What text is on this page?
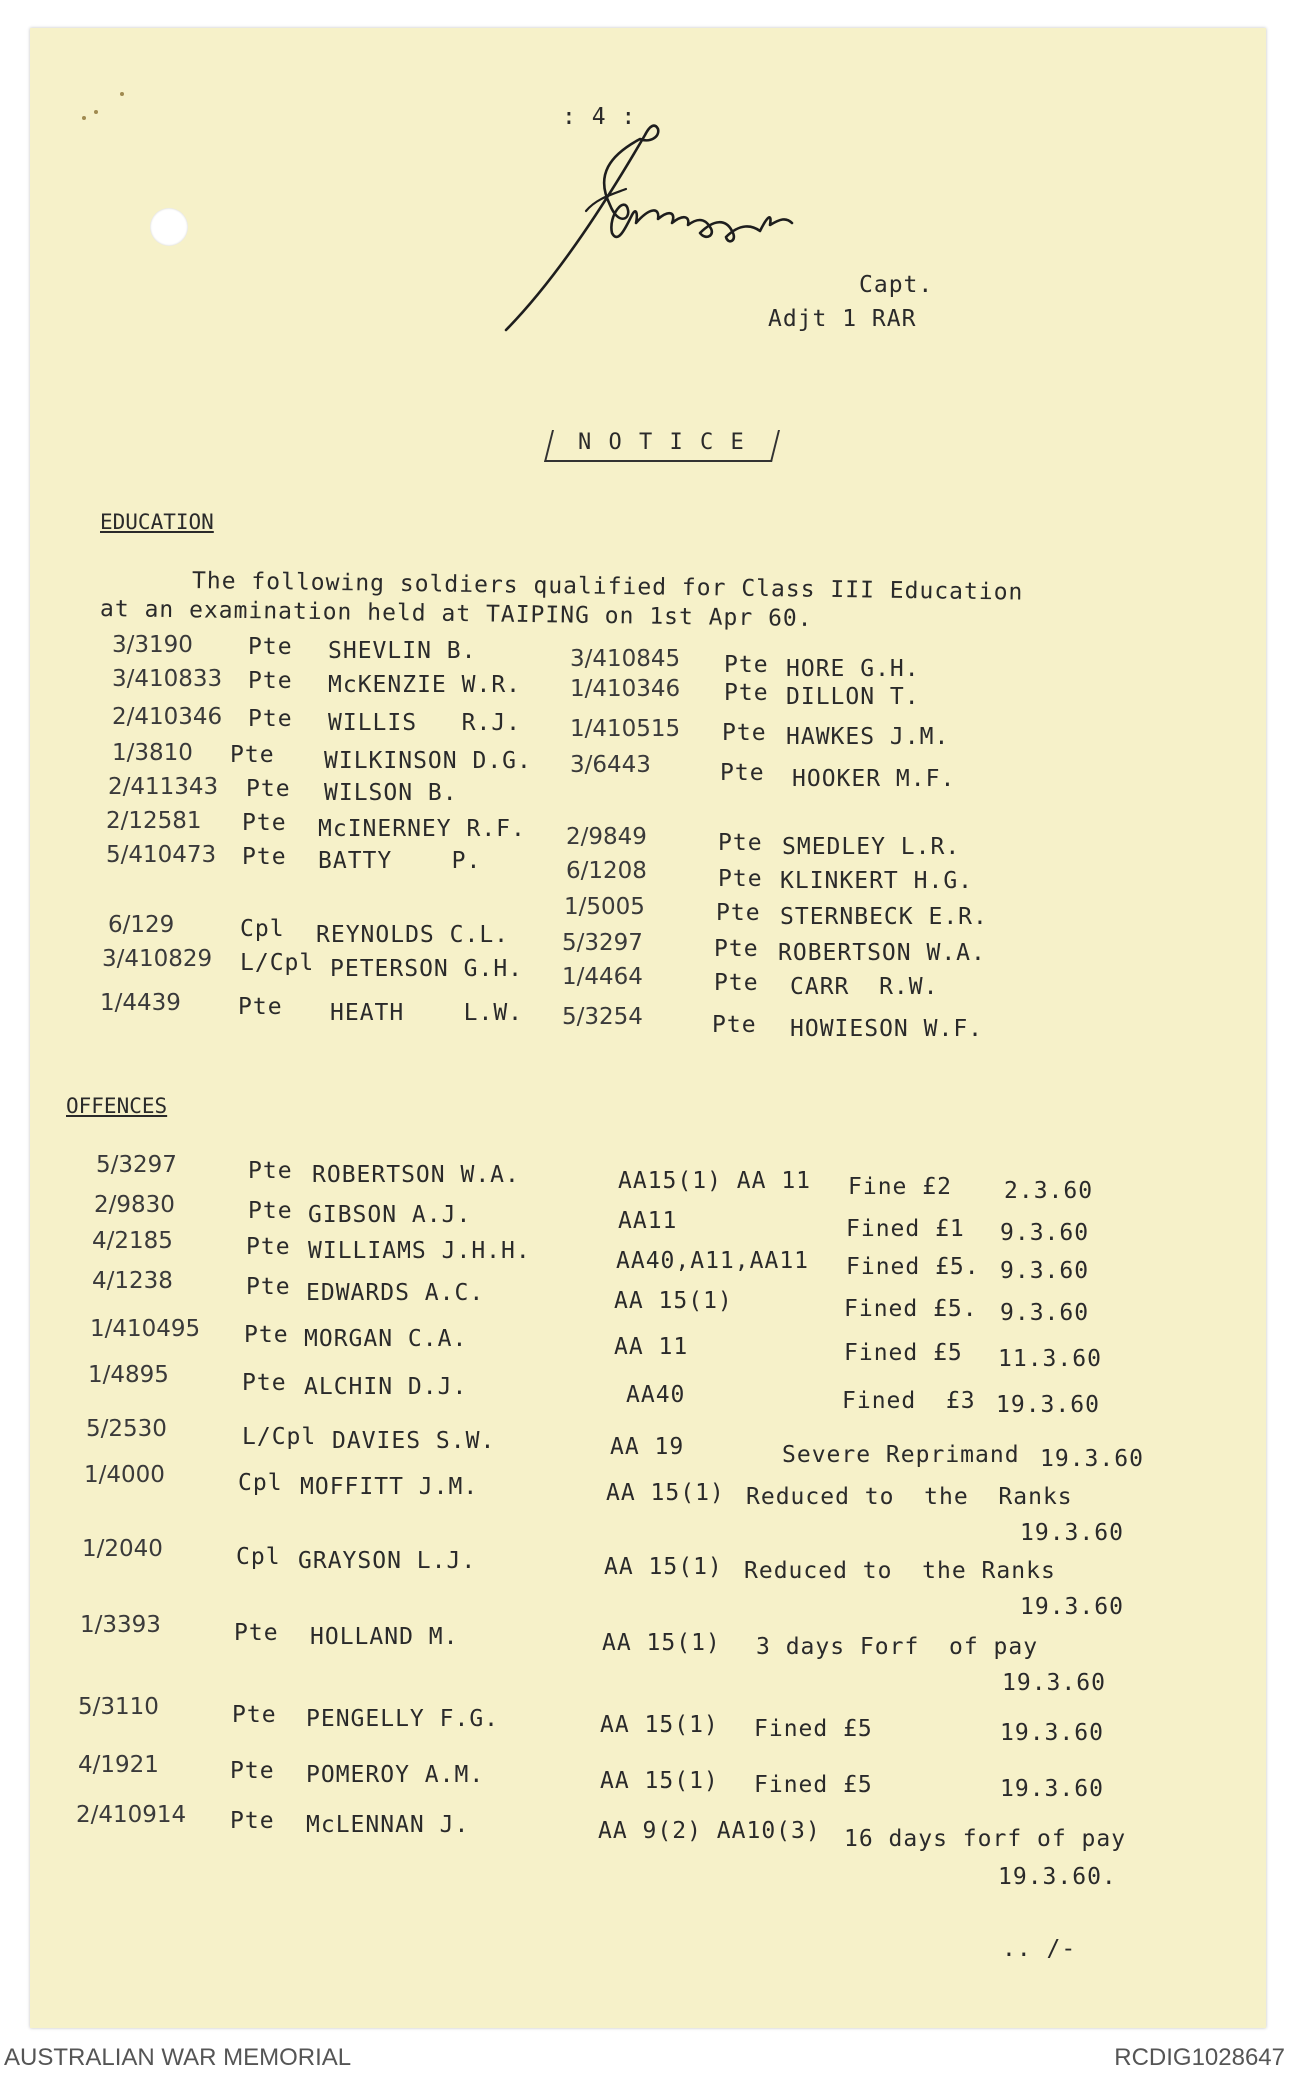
: 4 :
Capt.
Adjt 1 RAR
N O T I C E
EDUCATION
The following soldiers qualified for Class III Education
at an examination held at TAIPING on 1st Apr 60.
3/3190 Pte SHEVLIN B.
3/410833 Pte McKENZIE W.R.
2/410346 Pte WILLIS   R.J.
1/3810 Pte WILKINSON D.G.
2/411343 Pte WILSON B.
2/12581 Pte McINERNEY R.F.
5/410473 Pte BATTY    P.
6/129	Cpl REYNOLDS C.L.
3/410829 L/Cpl PETERSON G.H.
1/4439 Pte HEATH    L.W.
3/410845 Pte HORE G.H.
1/410346 Pte DILLON T.
1/410515 Pte HAWKES J.M.
3/6443	Pte HOOKER M.F.
2/9849	Pte SMEDLEY L.R.
6/1208	Pte KLINKERT H.G.
1/5005	Pte STERNBECK E.R.
5/3297	Pte ROBERTSON W.A.
1/4464	Pte CARR  R.W.
5/3254	Pte HOWIESON W.F.
OFFENCES
5/3297	Pte ROBERTSON W.A.	AA15(1) AA 11 Fine £2 2.3.60
2/9830	Pte GIBSON A.J.	AA11	Fined £1 9.3.60
4/2185	Pte WILLIAMS J.H.H.	AA40,A11,AA11 Fined £5. 9.3.60
4/1238	Pte EDWARDS A.C.	AA 15(1)	Fined £5. 9.3.60
1/410495 Pte MORGAN C.A.	AA 11	Fined £5 11.3.60
1/4895	Pte ALCHIN D.J.	AA40	Fined  £3 19.3.60
5/2530	L/Cpl DAVIES S.W.	AA 19	Severe Reprimand 19.3.60
1/4000	Cpl MOFFITT J.M.	AA 15(1) Reduced to  the  Ranks
19.3.60
1/2040	Cpl GRAYSON L.J.	AA 15(1) Reduced to  the Ranks
19.3.60
1/3393	Pte HOLLAND M.	AA 15(1) 3 days Forf  of pay
19.3.60
5/3110	Pte PENGELLY F.G.	AA 15(1) Fined £5	19.3.60
4/1921	Pte POMEROY A.M.	AA 15(1) Fined £5	19.3.60
2/410914 Pte McLENNAN J.	AA 9(2) AA10(3) 16 days forf of pay
19.3.60.
.. /-
AUSTRALIAN WAR MEMORIAL	RCDIG1028647
